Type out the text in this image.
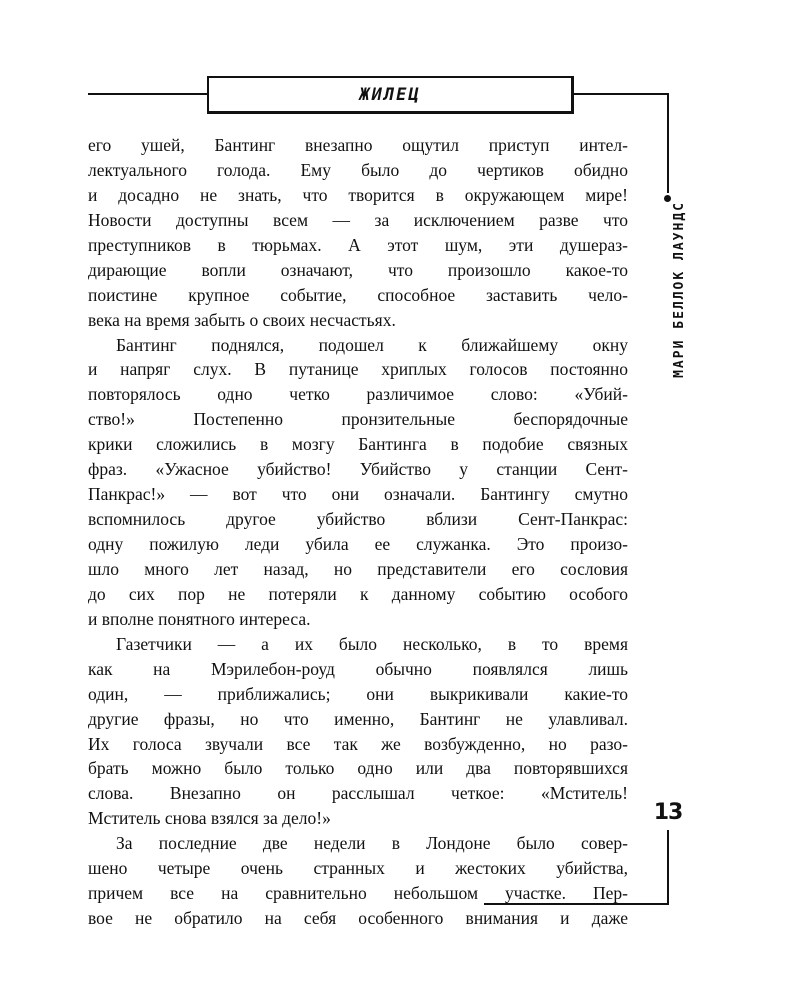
ЖИЛЕЦ
МАРИ БЕЛЛОК ЛАУНДС
13
его ушей, Бантинг внезапно ощутил приступ интел-
лектуального голода. Ему было до чертиков обидно
и досадно не знать, что творится в окружающем мире!
Новости доступны всем — за исключением разве что
преступников в тюрьмах. А этот шум, эти душераз-
дирающие вопли означают, что произошло какое-то
поистине крупное событие, способное заставить чело-
века на время забыть о своих несчастьях.
Бантинг поднялся, подошел к ближайшему окну
и напряг слух. В путанице хриплых голосов постоянно
повторялось одно четко различимое слово: «Убий-
ство!» Постепенно пронзительные беспорядочные
крики сложились в мозгу Бантинга в подобие связных
фраз. «Ужасное убийство! Убийство у станции Сент-
Панкрас!» — вот что они означали. Бантингу смутно
вспомнилось другое убийство вблизи Сент-Панкрас:
одну пожилую леди убила ее служанка. Это произо-
шло много лет назад, но представители его сословия
до сих пор не потеряли к данному событию особого
и вполне понятного интереса.
Газетчики — а их было несколько, в то время
как на Мэрилебон-роуд обычно появлялся лишь
один, — приближались; они выкрикивали какие-то
другие фразы, но что именно, Бантинг не улавливал.
Их голоса звучали все так же возбужденно, но разо-
брать можно было только одно или два повторявшихся
слова. Внезапно он расслышал четкое: «Мститель!
Мститель снова взялся за дело!»
За последние две недели в Лондоне было совер-
шено четыре очень странных и жестоких убийства,
причем все на сравнительно небольшом участке. Пер-
вое не обратило на себя особенного внимания и даже
